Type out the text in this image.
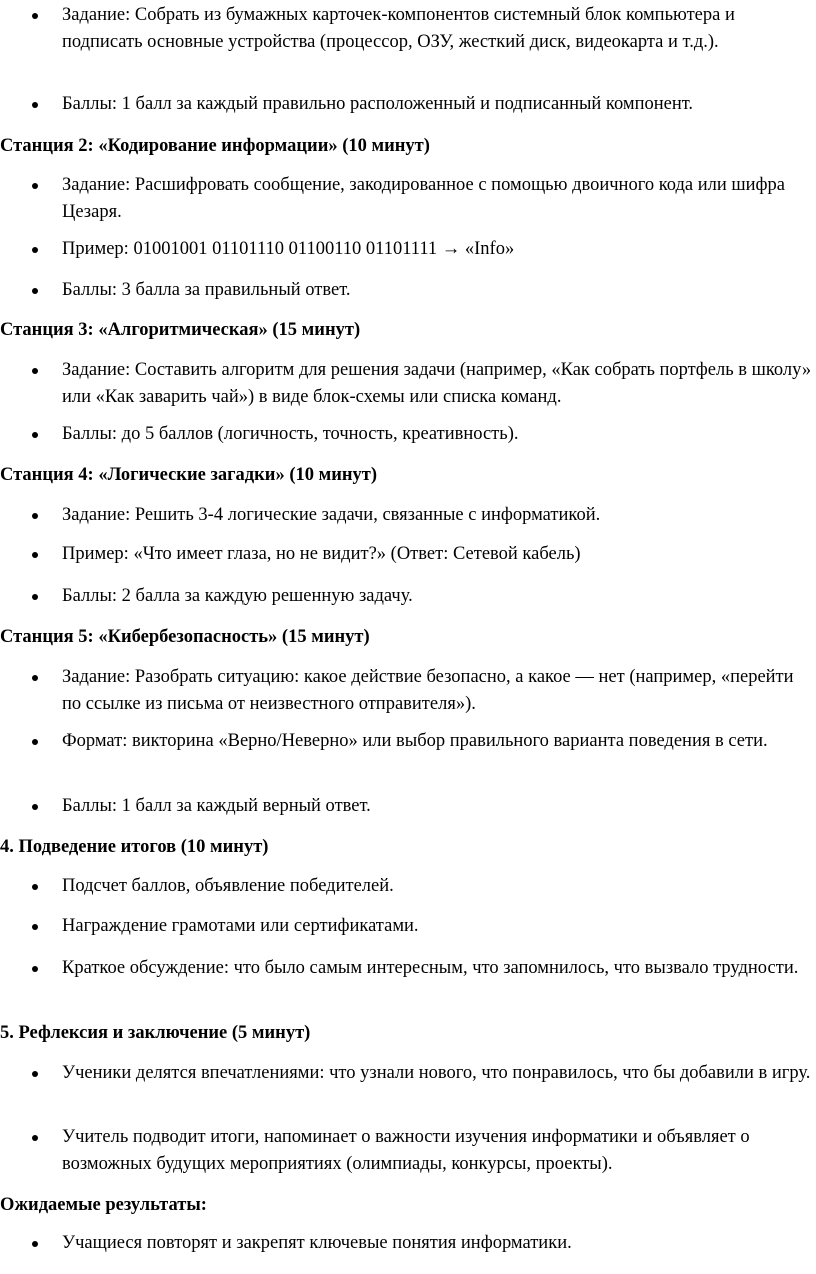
Задание: Собрать из бумажных карточек-компонентов системный блок компьютера и подписать основные устройства (процессор, ОЗУ, жесткий диск, видеокарта и т.д.).
Баллы: 1 балл за каждый правильно расположенный и подписанный компонент.
Станция 2: «Кодирование информации» (10 минут)
Задание: Расшифровать сообщение, закодированное с помощью двоичного кода или шифра Цезаря.
Пример: 01001001 01101110 01100110 01101111 → «Info»
Баллы: 3 балла за правильный ответ.
Станция 3: «Алгоритмическая» (15 минут)
Задание: Составить алгоритм для решения задачи (например, «Как собрать портфель в школу» или «Как заварить чай») в виде блок-схемы или списка команд.
Баллы: до 5 баллов (логичность, точность, креативность).
Станция 4: «Логические загадки» (10 минут)
Задание: Решить 3-4 логические задачи, связанные с информатикой.
Пример: «Что имеет глаза, но не видит?» (Ответ: Сетевой кабель)
Баллы: 2 балла за каждую решенную задачу.
Станция 5: «Кибербезопасность» (15 минут)
Задание: Разобрать ситуацию: какое действие безопасно, а какое — нет (например, «перейти по ссылке из письма от неизвестного отправителя»).
Формат: викторина «Верно/Неверно» или выбор правильного варианта поведения в сети.
Баллы: 1 балл за каждый верный ответ.
4. Подведение итогов (10 минут)
Подсчет баллов, объявление победителей.
Награждение грамотами или сертификатами.
Краткое обсуждение: что было самым интересным, что запомнилось, что вызвало трудности.
5. Рефлексия и заключение (5 минут)
Ученики делятся впечатлениями: что узнали нового, что понравилось, что бы добавили в игру.
Учитель подводит итоги, напоминает о важности изучения информатики и объявляет о возможных будущих мероприятиях (олимпиады, конкурсы, проекты).
Ожидаемые результаты:
Учащиеся повторят и закрепят ключевые понятия информатики.
